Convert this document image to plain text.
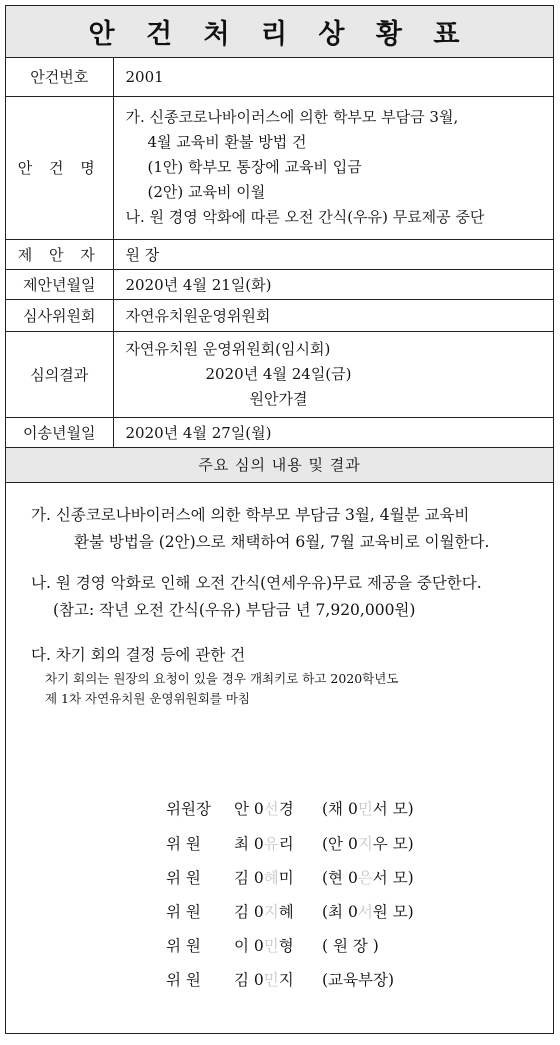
안 건 처 리 상 황 표
안건번호	2001
안 건 명	가. 신종코로나바이러스에 의한 학부모 부담금 3월,
4월 교육비 환불 방법 건
(1안) 학부모 통장에 교육비 입금
(2안) 교육비 이월
나. 원 경영 악화에 따른 오전 간식(우유) 무료제공 중단

제 안 자	원 장
제안년월일	2020년 4월 21일(화)
심사위원회	자연유치원운영위원회
심의결과	자연유치원 운영위원회(임시회)
2020년 4월 24일(금)
원안가결

이송년월일	2020년 4월 27일(월)
주요 심의 내용 및 결과
가. 신종코로나바이러스에 의한 학부모 부담금 3월, 4월분 교육비
환불 방법을 (2안)으로 채택하여 6월, 7월 교육비로 이월한다.
나. 원 경영 악화로 인해 오전 간식(연세우유)무료 제공을 중단한다.
(참고: 작년 오전 간식(우유) 부담금 년 7,920,000원)
다. 차기 회의 결정 등에 관한 건
차기 회의는 원장의 요청이 있을 경우 개최키로 하고 2020학년도
제 1차 자연유치원 운영위원회를 마침
위원장 안 0선경 (채 0민서 모)
위 원 최 0유리 (안 0지우 모)
위 원 김 0혜미 (현 0은서 모)
위 원 김 0지혜 (최 0서원 모)
위 원 이 0민형 ( 원 장 )
위 원 김 0민지 (교육부장)
